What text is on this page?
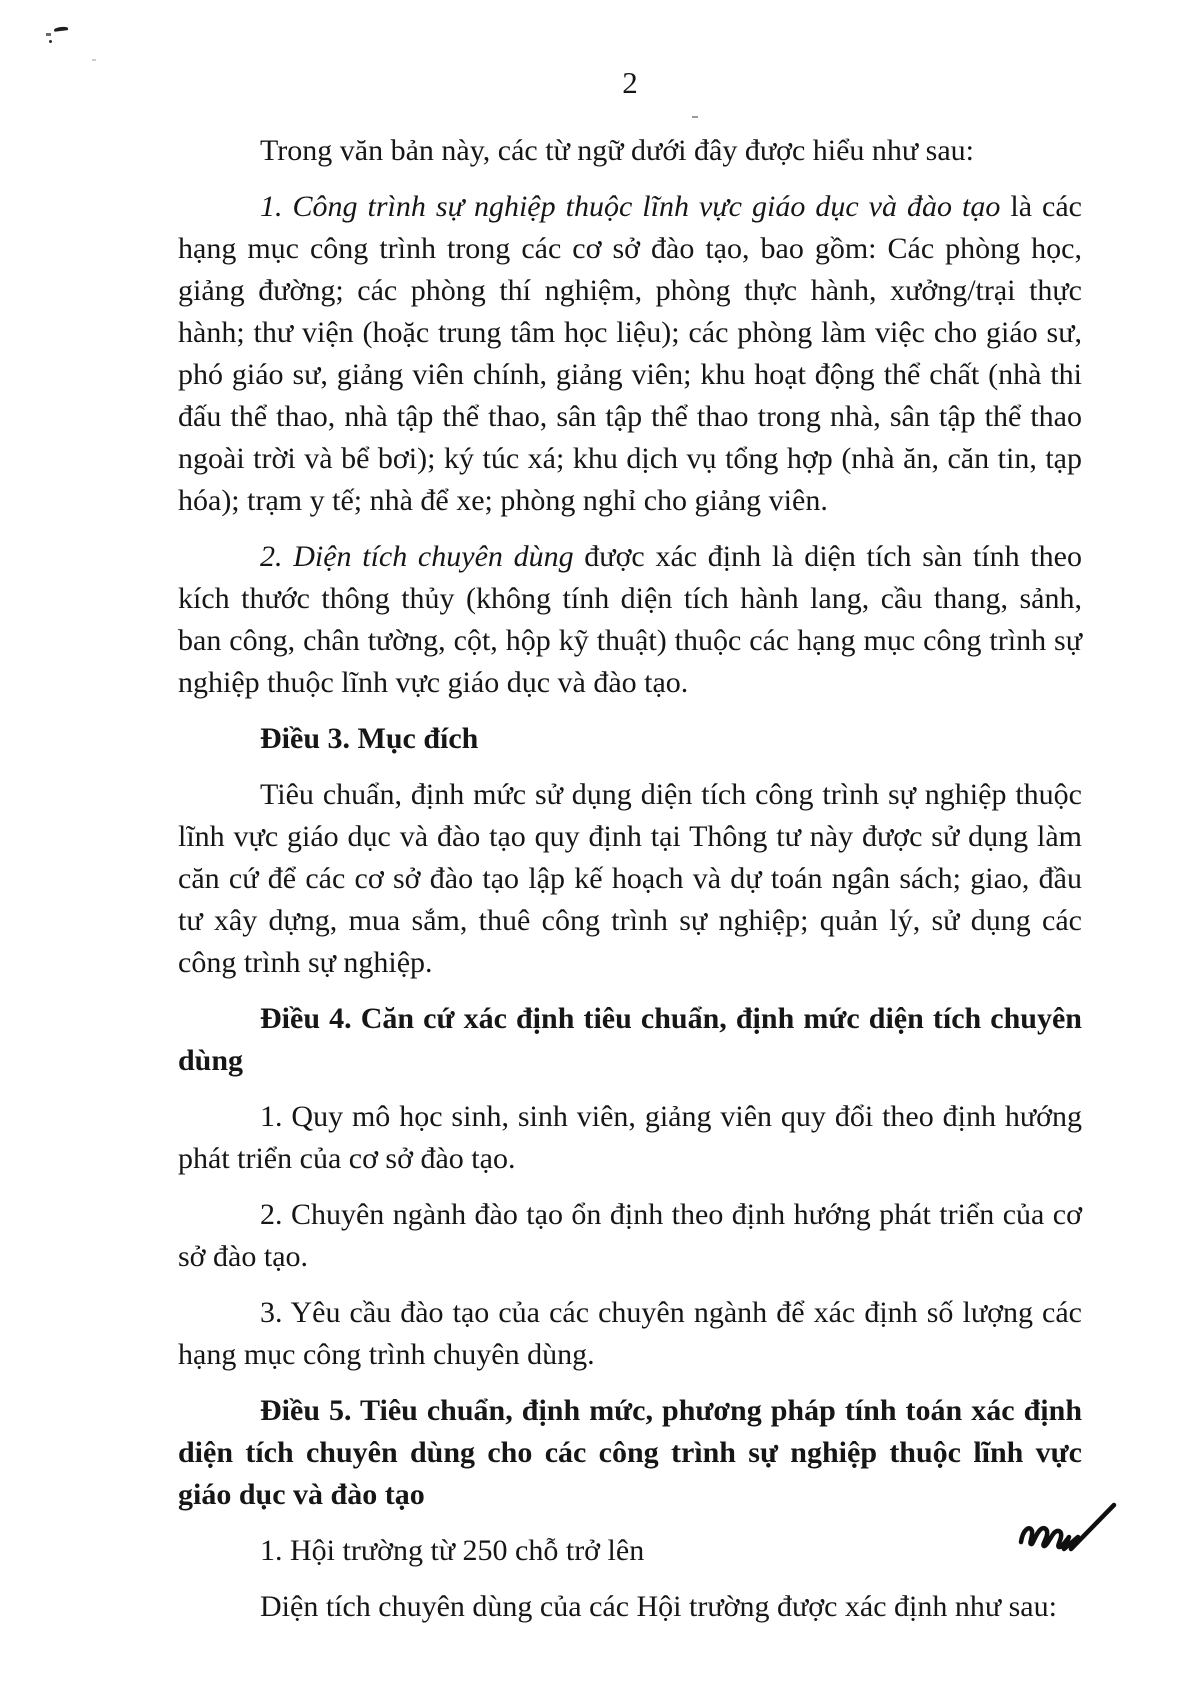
2

Trong văn bản này, các từ ngữ dưới đây được hiểu như sau:

1. Công trình sự nghiệp thuộc lĩnh vực giáo dục và đào tạo là các hạng mục công trình trong các cơ sở đào tạo, bao gồm: Các phòng học, giảng đường; các phòng thí nghiệm, phòng thực hành, xưởng/trại thực hành; thư viện (hoặc trung tâm học liệu); các phòng làm việc cho giáo sư, phó giáo sư, giảng viên chính, giảng viên; khu hoạt động thể chất (nhà thi đấu thể thao, nhà tập thể thao, sân tập thể thao trong nhà, sân tập thể thao ngoài trời và bể bơi); ký túc xá; khu dịch vụ tổng hợp (nhà ăn, căn tin, tạp hóa); trạm y tế; nhà để xe; phòng nghỉ cho giảng viên.

2. Diện tích chuyên dùng được xác định là diện tích sàn tính theo kích thước thông thủy (không tính diện tích hành lang, cầu thang, sảnh, ban công, chân tường, cột, hộp kỹ thuật) thuộc các hạng mục công trình sự nghiệp thuộc lĩnh vực giáo dục và đào tạo.

Điều 3. Mục đích

Tiêu chuẩn, định mức sử dụng diện tích công trình sự nghiệp thuộc lĩnh vực giáo dục và đào tạo quy định tại Thông tư này được sử dụng làm căn cứ để các cơ sở đào tạo lập kế hoạch và dự toán ngân sách; giao, đầu tư xây dựng, mua sắm, thuê công trình sự nghiệp; quản lý, sử dụng các công trình sự nghiệp.

Điều 4. Căn cứ xác định tiêu chuẩn, định mức diện tích chuyên dùng

1. Quy mô học sinh, sinh viên, giảng viên quy đổi theo định hướng phát triển của cơ sở đào tạo.

2. Chuyên ngành đào tạo ổn định theo định hướng phát triển của cơ sở đào tạo.

3. Yêu cầu đào tạo của các chuyên ngành để xác định số lượng các hạng mục công trình chuyên dùng.

Điều 5. Tiêu chuẩn, định mức, phương pháp tính toán xác định diện tích chuyên dùng cho các công trình sự nghiệp thuộc lĩnh vực giáo dục và đào tạo

1. Hội trường từ 250 chỗ trở lên

Diện tích chuyên dùng của các Hội trường được xác định như sau:
